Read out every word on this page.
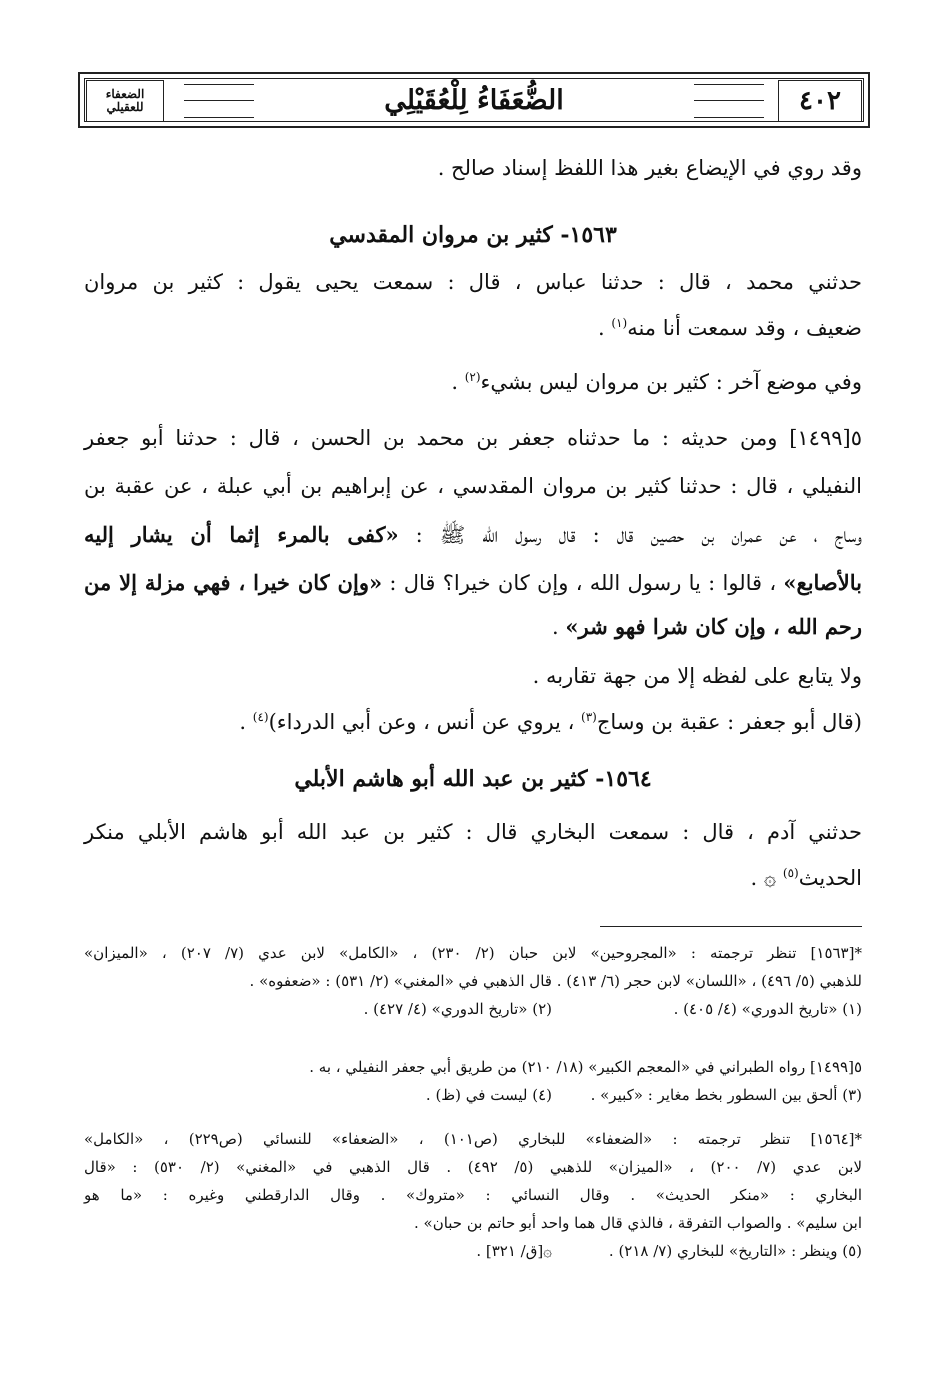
٤٠٢
الضُّعَفَاءُ لِلْعُقَيْلِي
الضعفاء للعقيلي
وقد روي في الإيضاع بغير هذا اللفظ إسناد صالح .
١٥٦٣- كثير بن مروان المقدسي
حدثني محمد ، قال : حدثنا عباس ، قال : سمعت يحيى يقول : كثير بن مروان
ضعيف ، وقد سمعت أنا منه$^{(١)}$ .
وفي موضع آخر : كثير بن مروان ليس بشيء$^{(٢)}$ .
٥[١٤٩٩] ومن حديثه : ما حدثناه جعفر بن محمد بن الحسن ، قال : حدثنا أبو جعفر
النفيلي ، قال : حدثنا كثير بن مروان المقدسي ، عن إبراهيم بن أبي عبلة ، عن عقبة بن
وساج ، عن عمران بن حصين قال : قال رسول الله ﷺ : «كفى بالمرء إثما أن يشار إليه
بالأصابع» ، قالوا : يا رسول الله ، وإن كان خيرا؟ قال : «وإن كان خيرا ، فهي مزلة إلا من
رحم الله ، وإن كان شرا فهو شر» .
ولا يتابع على لفظه إلا من جهة تقاربه .
(قال أبو جعفر : عقبة بن وساج$^{(٣)}$ ، يروي عن أنس ، وعن أبي الدرداء)$^{(٤)}$ .
١٥٦٤- كثير بن عبد الله أبو هاشم الأبلي
حدثني آدم ، قال : سمعت البخاري قال : كثير بن عبد الله أبو هاشم الأبلي منكر
الحديث$^{(٥)}$ ۞ .
*[١٥٦٣] تنظر ترجمته : «المجروحين» لابن حبان (٢/ ٢٣٠) ، «الكامل» لابن عدي (٧/ ٢٠٧) ، «الميزان»
للذهبي (٥/ ٤٩٦) ، «اللسان» لابن حجر (٦/ ٤١٣) . قال الذهبي في «المغني» (٢/ ٥٣١) : «ضعفوه» .
(١) «تاريخ الدوري» (٤/ ٤٠٥) .
(٢) «تاريخ الدوري» (٤/ ٤٢٧) .
٥[١٤٩٩] رواه الطبراني في «المعجم الكبير» (١٨/ ٢١٠) من طريق أبي جعفر النفيلي ، به .
(٣) ألحق بين السطور بخط مغاير : «كبير» .
(٤) ليست في (ظ) .
*[١٥٦٤] تنظر ترجمته : «الضعفاء» للبخاري (ص١٠١) ، «الضعفاء» للنسائي (ص٢٢٩) ، «الكامل»
لابن عدي (٧/ ٢٠٠) ، «الميزان» للذهبي (٥/ ٤٩٢) . قال الذهبي في «المغني» (٢/ ٥٣٠) : «قال
البخاري : «منكر الحديث» . وقال النسائي : «متروك» . وقال الدارقطني وغيره : «ما هو
ابن سليم» . والصواب التفرقة ، فالذي قال هما واحد أبو حاتم بن حبان» .
(٥) وينظر : «التاريخ» للبخاري (٧/ ٢١٨) .
۞[ق/ ٣٢١] .
